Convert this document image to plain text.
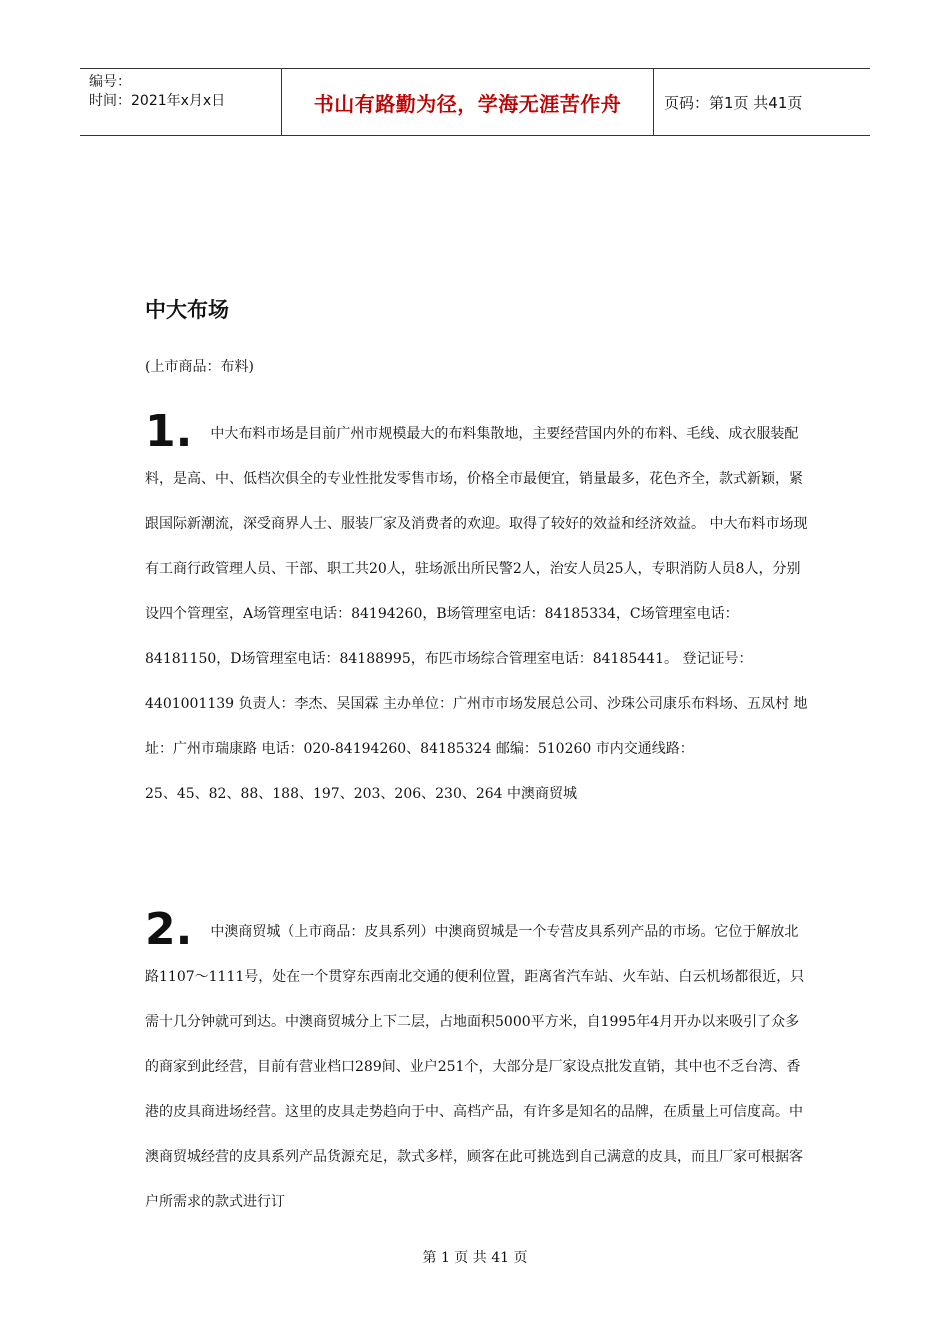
编号：
时间：2021年x月x日	书山有路勤为径，学海无涯苦作舟	页码：第1页 共41页
中大布场
(上市商品：布料)

1. 中大布料市场是目前广州市规模最大的布料集散地，主要经营国内外的布料、毛线、成衣服装配料，是高、中、低档次俱全的专业性批发零售市场，价格全市最便宜，销量最多，花色齐全，款式新颖，紧跟国际新潮流，深受商界人士、服装厂家及消费者的欢迎。取得了较好的效益和经济效益。 中大布料市场现有工商行政管理人员、干部、职工共20人，驻场派出所民警2人，治安人员25人，专职消防人员8人，分别设四个管理室，A场管理室电话：84194260，B场管理室电话：84185334，C场管理室电话：84181150，D场管理室电话：84188995，布匹市场综合管理室电话：84185441。 登记证号：4401001139 负责人：李杰、吴国霖 主办单位：广州市市场发展总公司、沙珠公司康乐布料场、五凤村 地址：广州市瑞康路 电话：020-84194260、84185324 邮编：510260 市内交通线路：

25、45、82、88、188、197、203、206、230、264 中澳商贸城

2. 中澳商贸城（上市商品：皮具系列）中澳商贸城是一个专营皮具系列产品的市场。它位于解放北路1107～1111号，处在一个贯穿东西南北交通的便利位置，距离省汽车站、火车站、白云机场都很近，只需十几分钟就可到达。中澳商贸城分上下二层，占地面积5000平方米，自1995年4月开办以来吸引了众多的商家到此经营，目前有营业档口289间、业户251个，大部分是厂家设点批发直销，其中也不乏台湾、香港的皮具商进场经营。这里的皮具走势趋向于中、高档产品，有许多是知名的品牌，在质量上可信度高。中澳商贸城经营的皮具系列产品货源充足，款式多样，顾客在此可挑选到自己满意的皮具，而且厂家可根据客户所需求的款式进行订

第 1 页 共 41 页
